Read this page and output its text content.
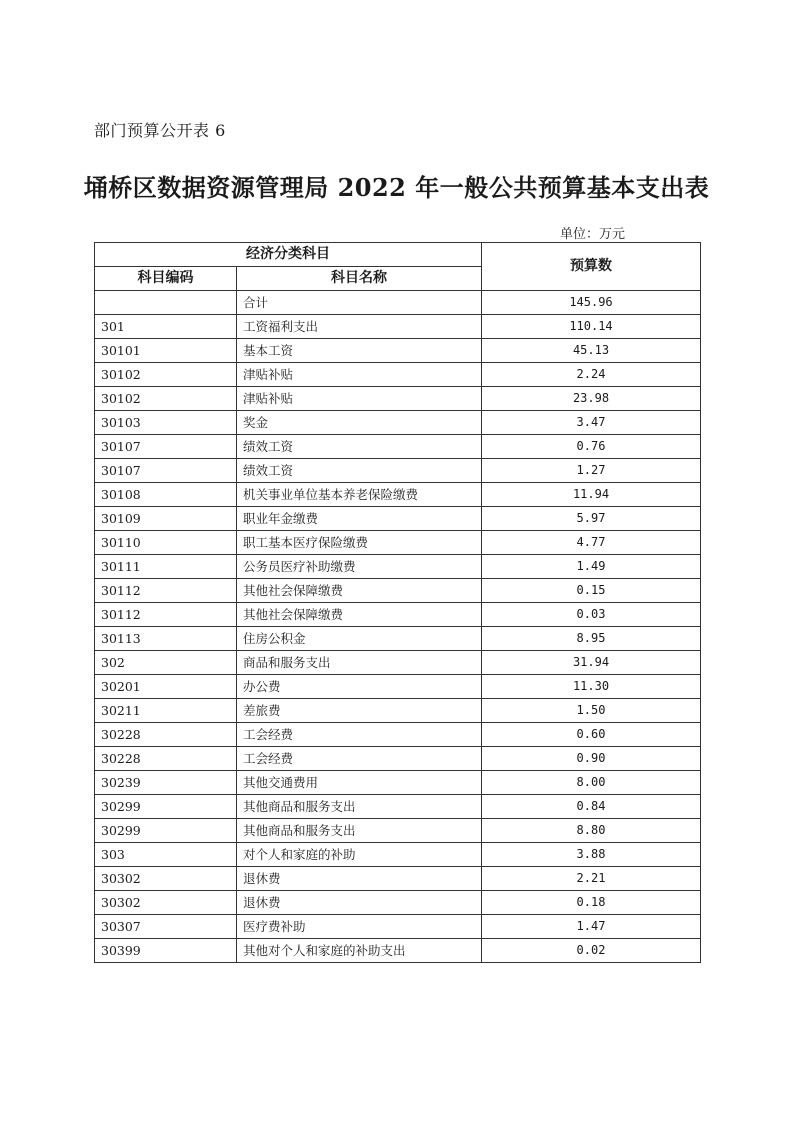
部门预算公开表 6
埇桥区数据资源管理局 2022 年一般公共预算基本支出表
单位：万元
经济分类科目		预算数
科目编码	科目名称	
	合计	145.96
301	工资福利支出	110.14
30101	基本工资	45.13
30102	津贴补贴	2.24
30102	津贴补贴	23.98
30103	奖金	3.47
30107	绩效工资	0.76
30107	绩效工资	1.27
30108	机关事业单位基本养老保险缴费	11.94
30109	职业年金缴费	5.97
30110	职工基本医疗保险缴费	4.77
30111	公务员医疗补助缴费	1.49
30112	其他社会保障缴费	0.15
30112	其他社会保障缴费	0.03
30113	住房公积金	8.95
302	商品和服务支出	31.94
30201	办公费	11.30
30211	差旅费	1.50
30228	工会经费	0.60
30228	工会经费	0.90
30239	其他交通费用	8.00
30299	其他商品和服务支出	0.84
30299	其他商品和服务支出	8.80
303	对个人和家庭的补助	3.88
30302	退休费	2.21
30302	退休费	0.18
30307	医疗费补助	1.47
30399	其他对个人和家庭的补助支出	0.02
